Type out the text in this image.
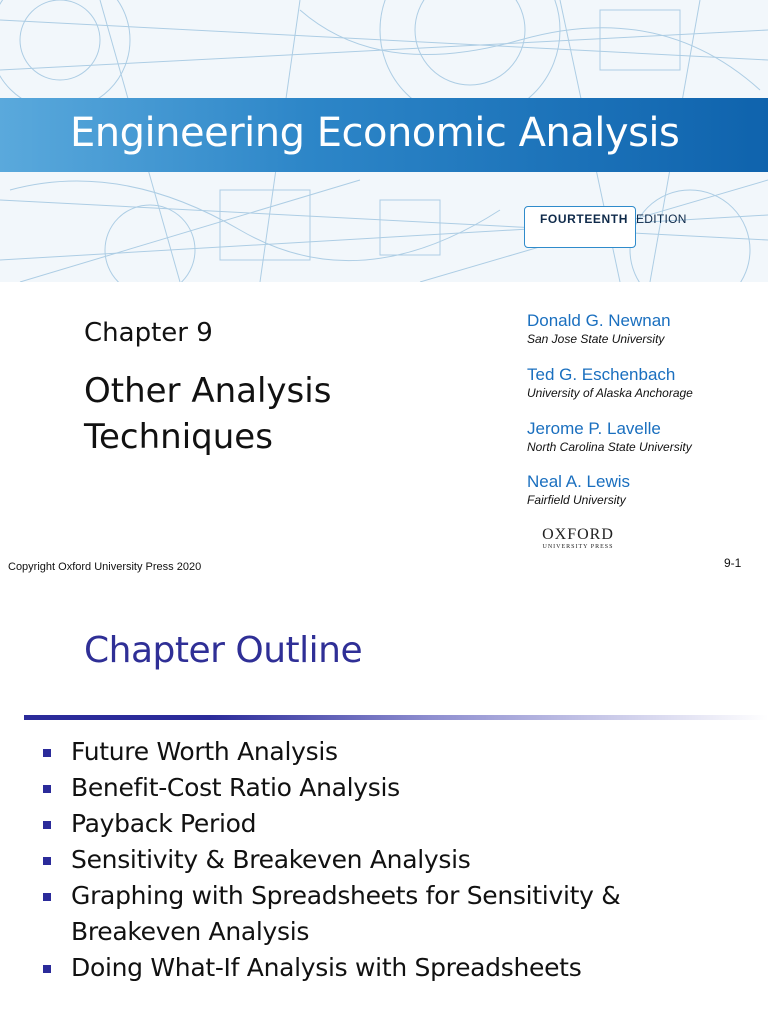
Engineering Economic Analysis
FOURTEENTH EDITION
Chapter 9
Other Analysis
Techniques
Donald G. Newnan
San Jose State University
Ted G. Eschenbach
University of Alaska Anchorage
Jerome P. Lavelle
North Carolina State University
Neal A. Lewis
Fairfield University
OXFORD
UNIVERSITY PRESS
Copyright Oxford University Press 2020	9-1
Chapter Outline
Future Worth Analysis
Benefit-Cost Ratio Analysis
Payback Period
Sensitivity & Breakeven Analysis
Graphing with Spreadsheets for Sensitivity &
Breakeven Analysis
Doing What-If Analysis with Spreadsheets
